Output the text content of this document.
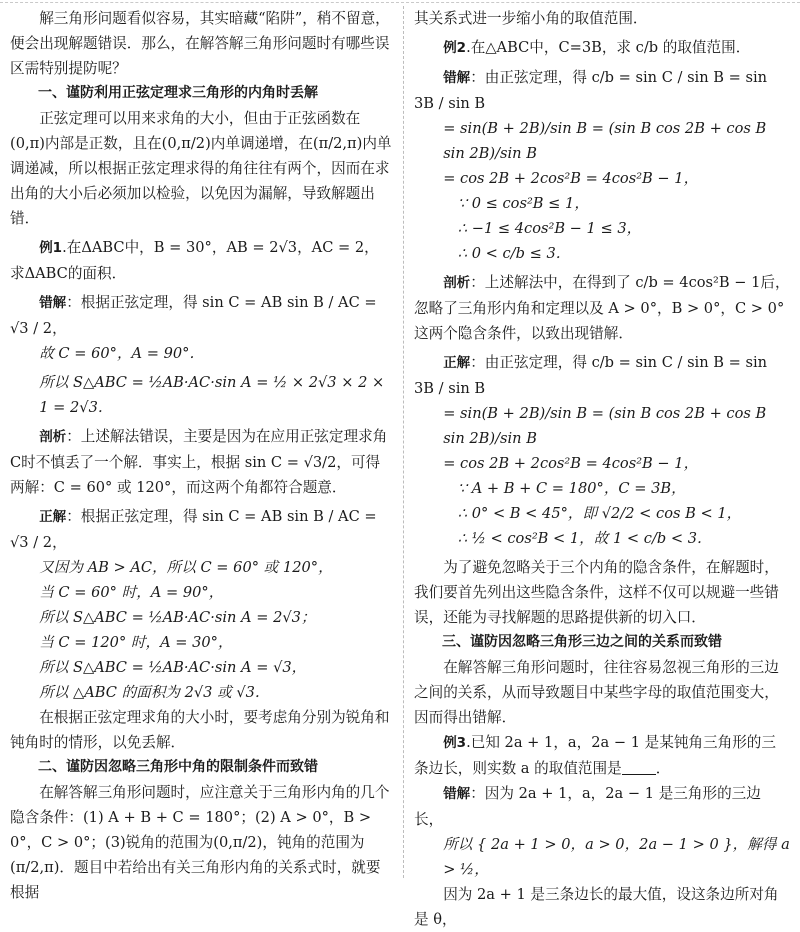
解三角形问题看似容易，其实暗藏“陷阱”，稍不留意，便会出现解题错误．那么，在解答解三角形问题时有哪些误区需特别提防呢？

一、谨防利用正弦定理求三角形的内角时丢解

正弦定理可以用来求角的大小，但由于正弦函数在(0,π)内部是正数，且在(0,π/2)内单调递增，在(π/2,π)内单调递减，所以根据正弦定理求得的角往往有两个，因而在求出角的大小后必须加以检验，以免因为漏解，导致解题出错．

例1.在ΔABC中，B = 30°，AB = 2√3，AC = 2，求ΔABC的面积．

错解：根据正弦定理，得 sin C = AB sin B / AC = √3 / 2，

故 C = 60°，A = 90°．

所以 S△ABC = ½AB·AC·sin A = ½ × 2√3 × 2 × 1 = 2√3．

剖析：上述解法错误，主要是因为在应用正弦定理求角C时不慎丢了一个解．事实上，根据 sin C = √3/2，可得两解：C = 60° 或 120°，而这两个角都符合题意．

正解：根据正弦定理，得 sin C = AB sin B / AC = √3 / 2，

又因为 AB > AC，所以 C = 60° 或 120°，

当 C = 60° 时，A = 90°，

所以 S△ABC = ½AB·AC·sin A = 2√3；

当 C = 120° 时，A = 30°，

所以 S△ABC = ½AB·AC·sin A = √3，

所以 △ABC 的面积为 2√3 或 √3．

在根据正弦定理求角的大小时，要考虑角分别为锐角和钝角时的情形，以免丢解．

二、谨防因忽略三角形中角的限制条件而致错

在解答解三角形问题时，应注意关于三角形内角的几个隐含条件：(1) A + B + C = 180°；(2) A > 0°，B > 0°，C > 0°；(3)锐角的范围为(0,π/2)，钝角的范围为(π/2,π)．题目中若给出有关三角形内角的关系式时，就要根据

其关系式进一步缩小角的取值范围．

例2.在△ABC中，C=3B，求 c/b 的取值范围．

错解：由正弦定理，得 c/b = sin C / sin B = sin 3B / sin B

= sin(B + 2B)/sin B = (sin B cos 2B + cos B sin 2B)/sin B

= cos 2B + 2cos²B = 4cos²B − 1，

∵ 0 ≤ cos²B ≤ 1，

∴ −1 ≤ 4cos²B − 1 ≤ 3，

∴ 0 < c/b ≤ 3．

剖析：上述解法中，在得到了 c/b = 4cos²B − 1后，忽略了三角形内角和定理以及 A > 0°，B > 0°，C > 0° 这两个隐含条件，以致出现错解．

正解：由正弦定理，得 c/b = sin C / sin B = sin 3B / sin B

= sin(B + 2B)/sin B = (sin B cos 2B + cos B sin 2B)/sin B

= cos 2B + 2cos²B = 4cos²B − 1，

∵ A + B + C = 180°，C = 3B，

∴ 0° < B < 45°，即 √2/2 < cos B < 1，

∴ ½ < cos²B < 1，故 1 < c/b < 3．

为了避免忽略关于三个内角的隐含条件，在解题时，我们要首先列出这些隐含条件，这样不仅可以规避一些错误，还能为寻找解题的思路提供新的切入口．

三、谨防因忽略三角形三边之间的关系而致错

在解答解三角形问题时，往往容易忽视三角形的三边之间的关系，从而导致题目中某些字母的取值范围变大，因而得出错解．

例3.已知 2a + 1，a，2a − 1 是某钝角三角形的三条边长，则实数 a 的取值范围是 ．

错解：因为 2a + 1，a，2a − 1 是三角形的三边长，

所以 { 2a + 1 > 0，a > 0，2a − 1 > 0 }，解得 a > ½，

因为 2a + 1 是三条边长的最大值，设这条边所对角是 θ，
